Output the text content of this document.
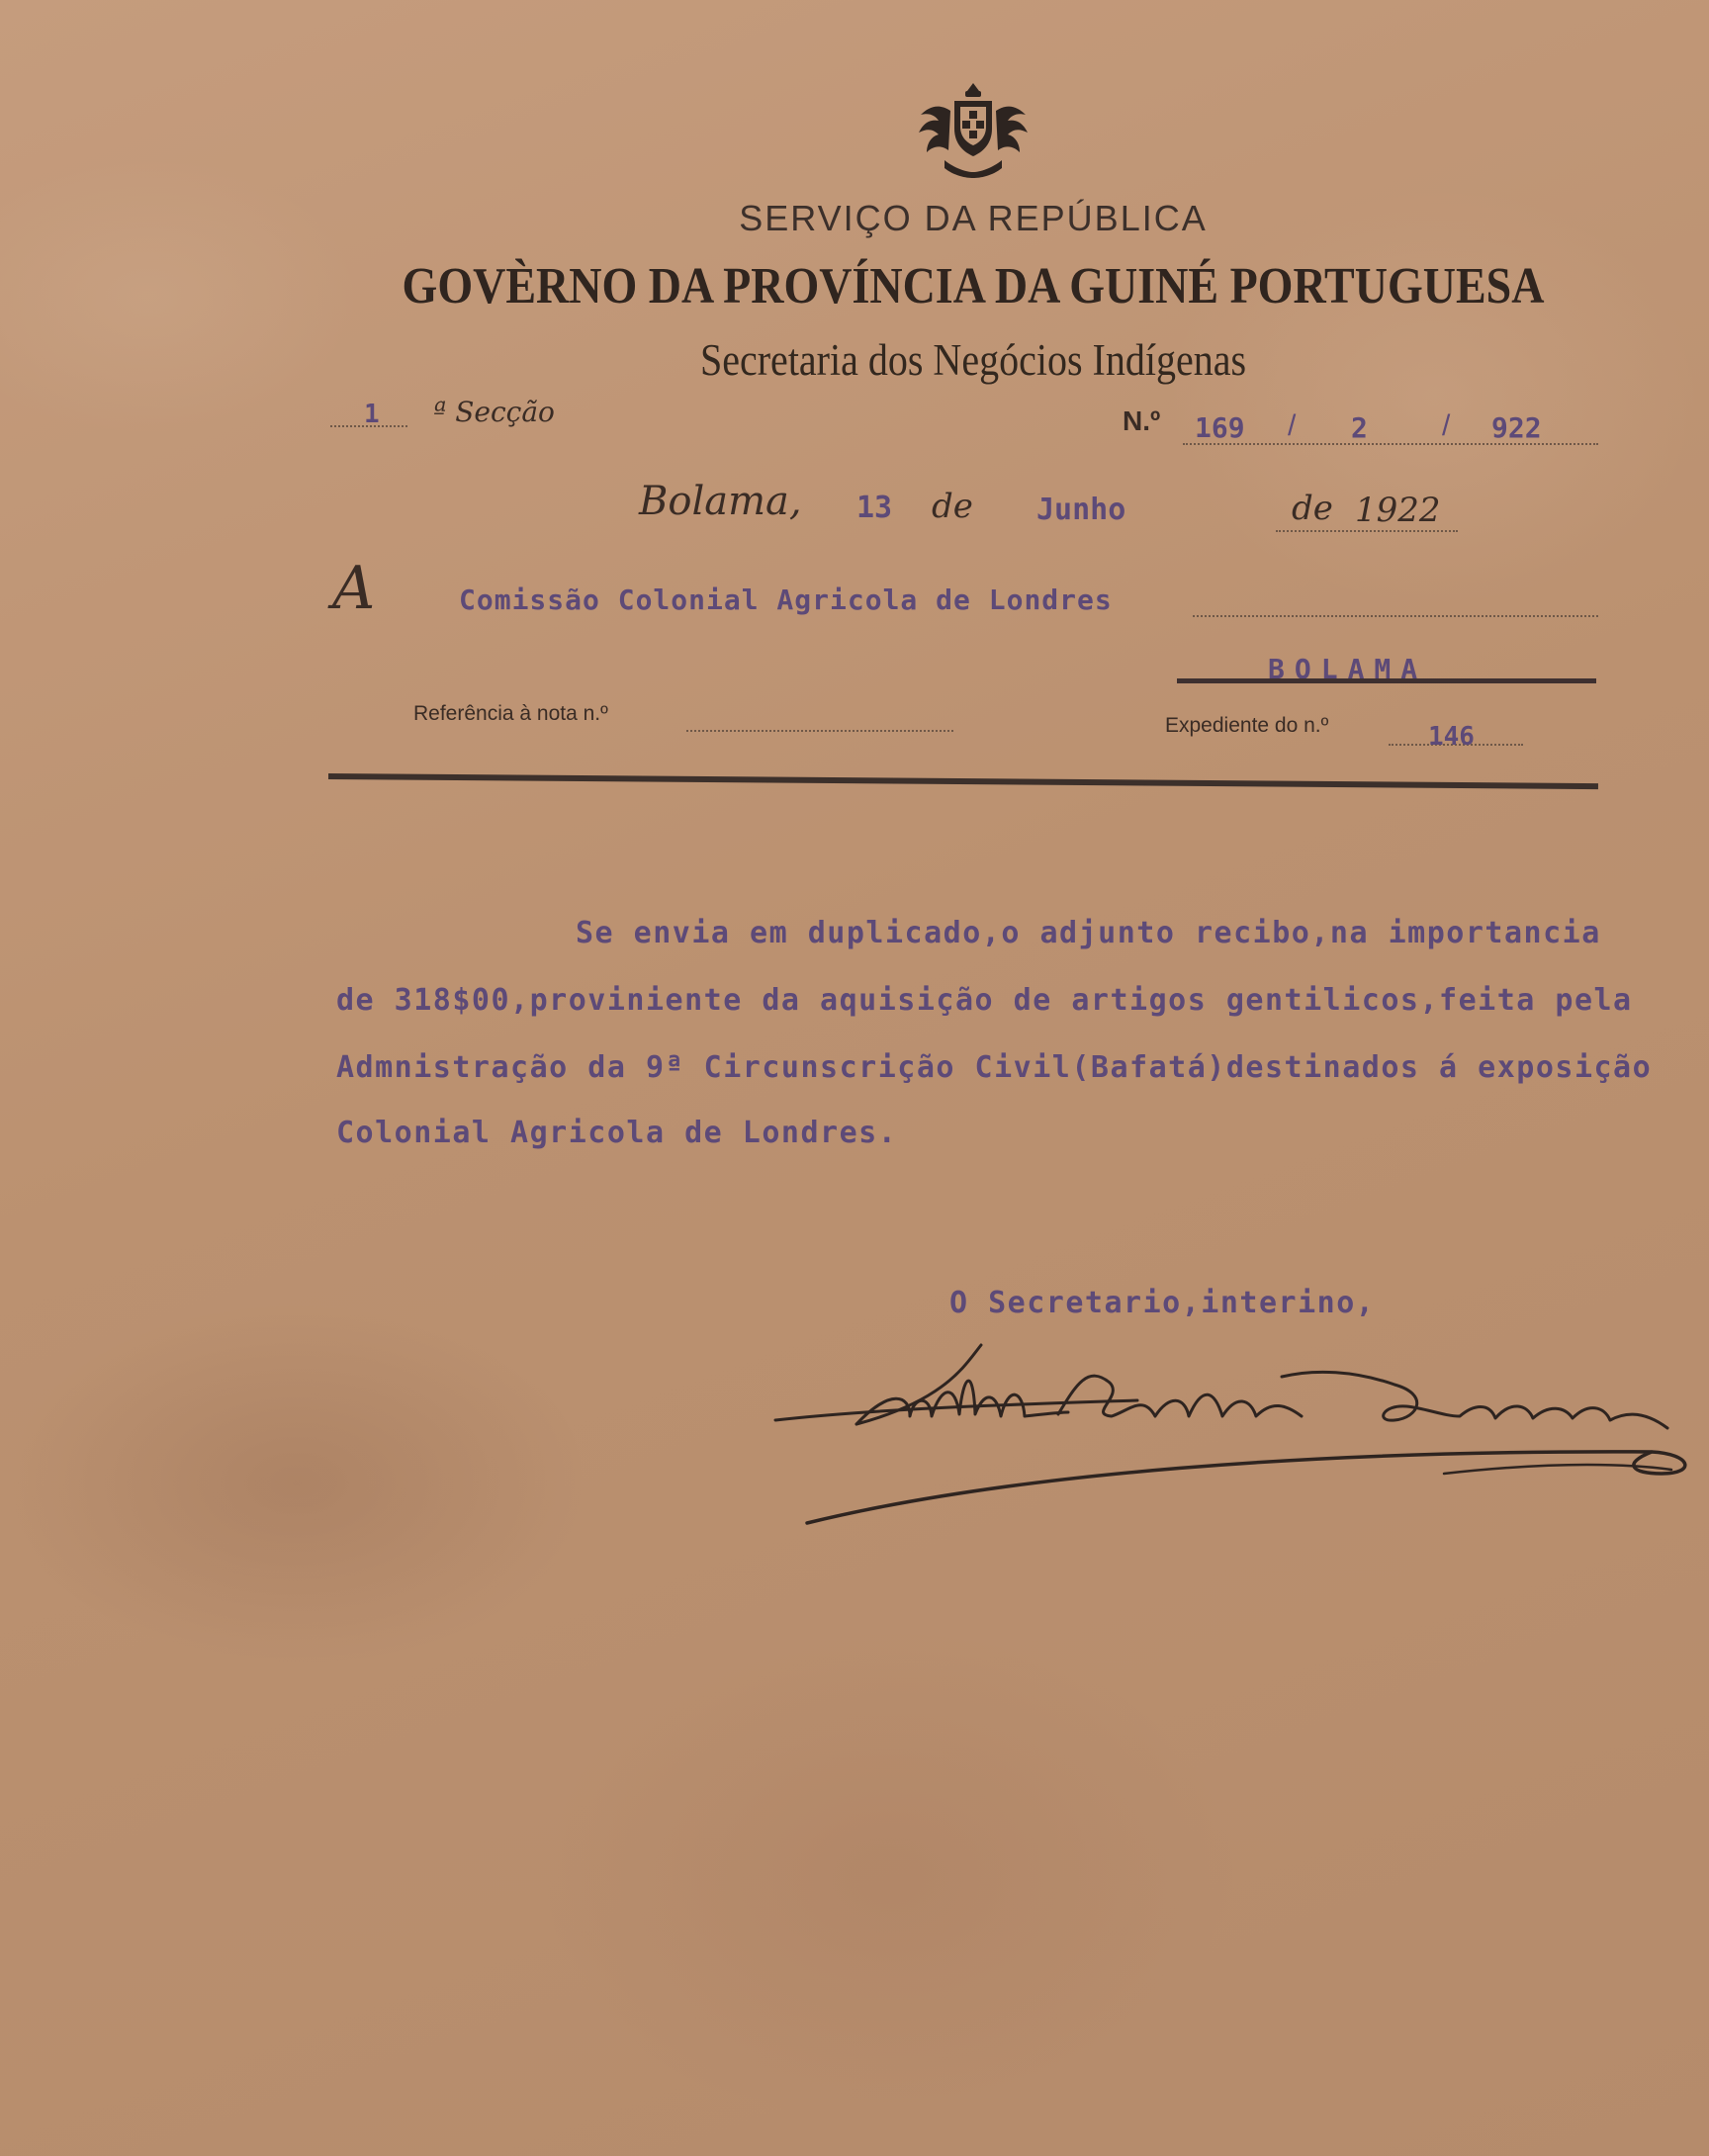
SERVIÇO DA REPÚBLICA
GOVÈRNO DA PROVÍNCIA DA GUINÉ PORTUGUESA
Secretaria dos Negócios Indígenas
1 ª Secção	N.º 169 / 2	/ 922
Bolama, 13 de Junho	de 1922
A	Comissão Colonial Agricola de Londres
BOLAMA
Referência à nota n.º
Expediente do n.º	146
Se envia em duplicado,o adjunto recibo,na importancia
de 318$00,proviniente da aquisição de artigos gentilicos,feita pela
Admnistração da 9ª Circunscrição Civil(Bafatá)destinados á exposição
Colonial Agricola de Londres.
O Secretario,interino,
